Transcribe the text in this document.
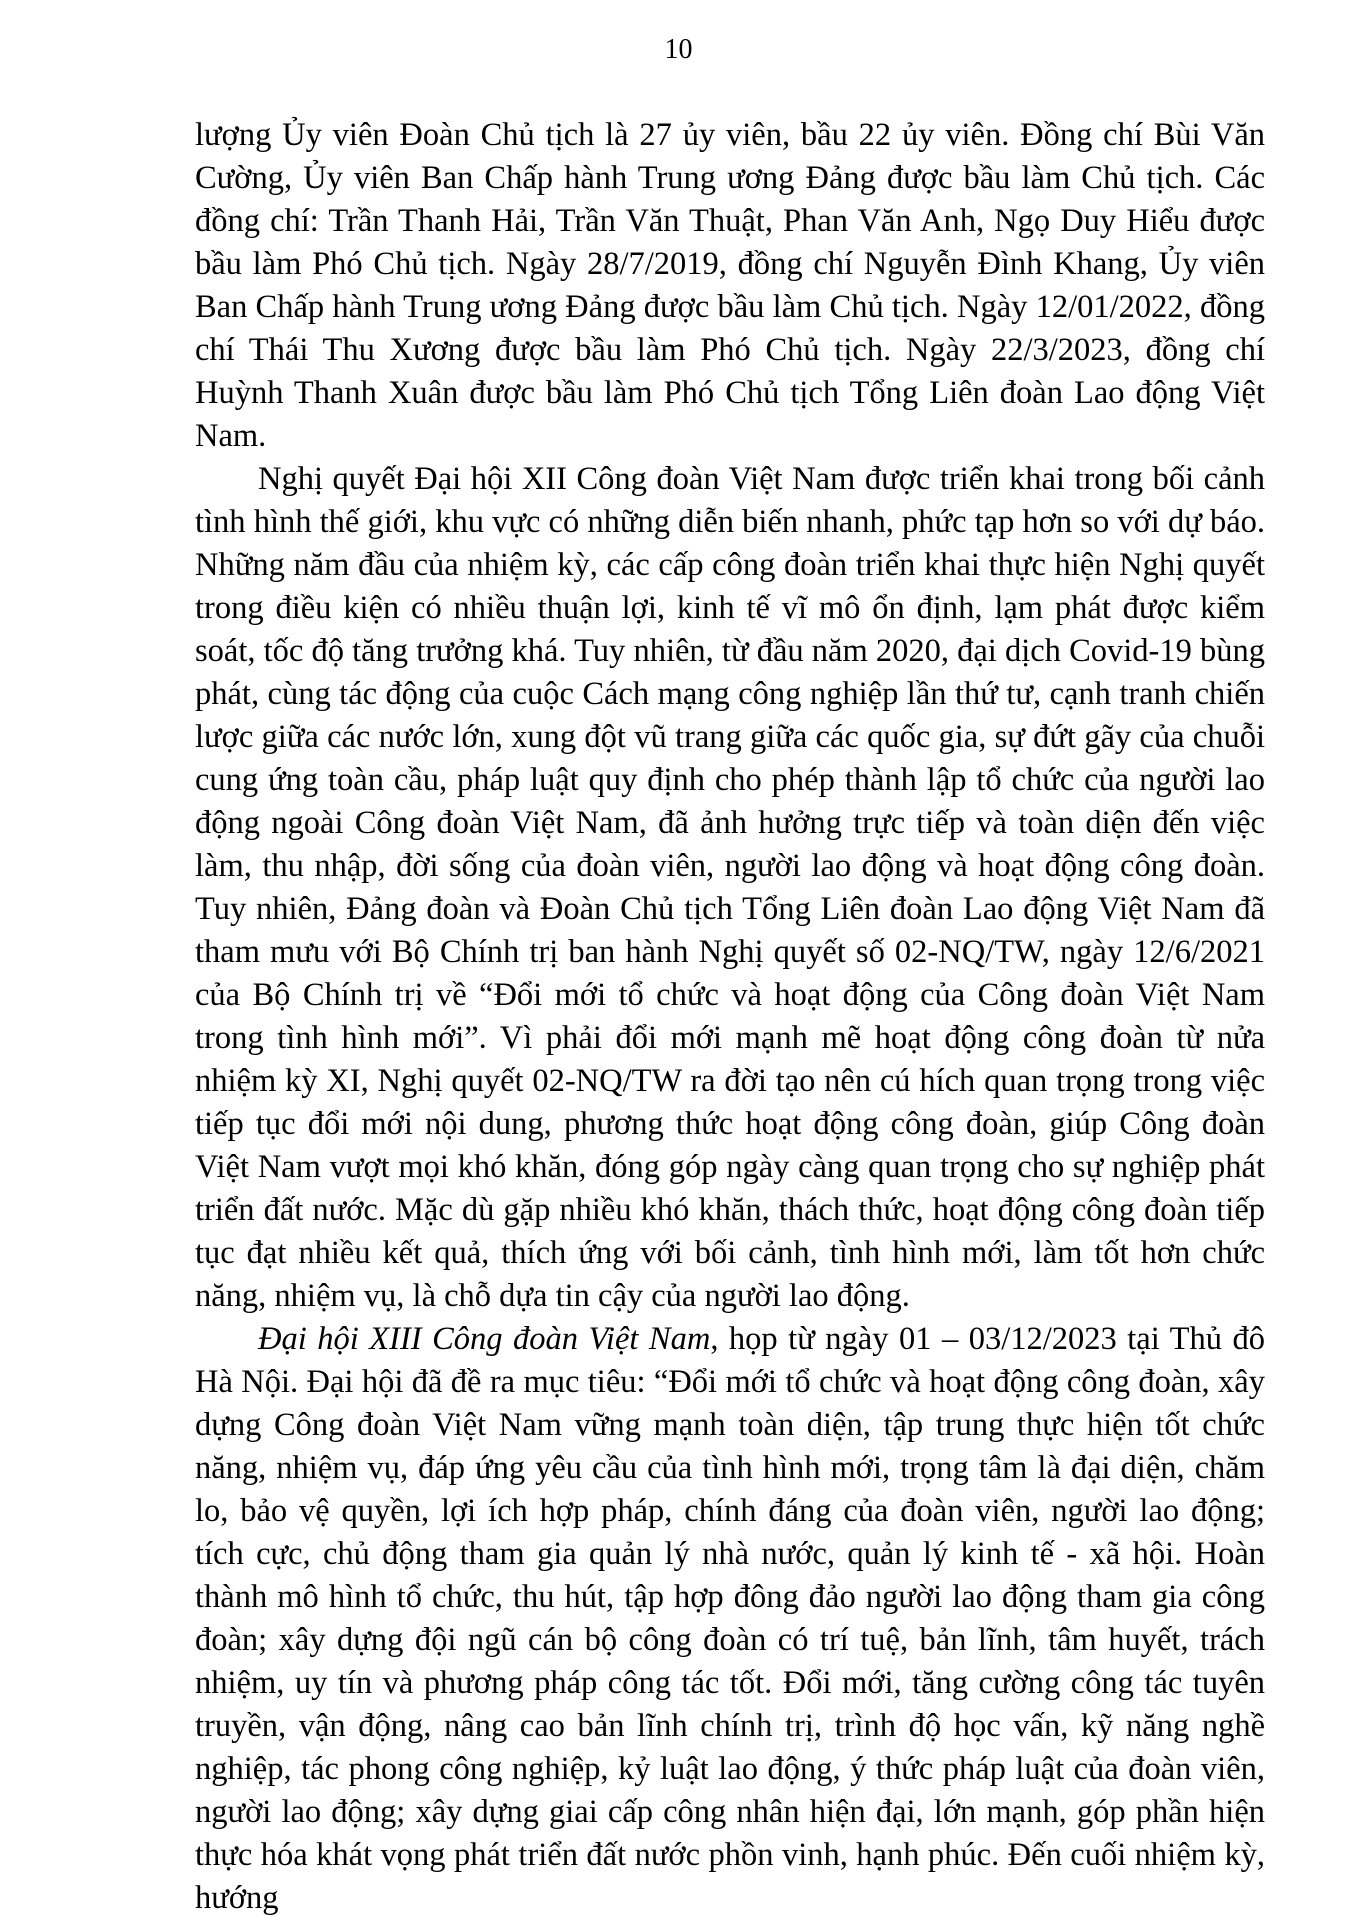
10

lượng Ủy viên Đoàn Chủ tịch là 27 ủy viên, bầu 22 ủy viên. Đồng chí Bùi Văn Cường, Ủy viên Ban Chấp hành Trung ương Đảng được bầu làm Chủ tịch. Các đồng chí: Trần Thanh Hải, Trần Văn Thuật, Phan Văn Anh, Ngọ Duy Hiểu được bầu làm Phó Chủ tịch. Ngày 28/7/2019, đồng chí Nguyễn Đình Khang, Ủy viên Ban Chấp hành Trung ương Đảng được bầu làm Chủ tịch. Ngày 12/01/2022, đồng chí Thái Thu Xương được bầu làm Phó Chủ tịch. Ngày 22/3/2023, đồng chí Huỳnh Thanh Xuân được bầu làm Phó Chủ tịch Tổng Liên đoàn Lao động Việt Nam.

Nghị quyết Đại hội XII Công đoàn Việt Nam được triển khai trong bối cảnh tình hình thế giới, khu vực có những diễn biến nhanh, phức tạp hơn so với dự báo. Những năm đầu của nhiệm kỳ, các cấp công đoàn triển khai thực hiện Nghị quyết trong điều kiện có nhiều thuận lợi, kinh tế vĩ mô ổn định, lạm phát được kiểm soát, tốc độ tăng trưởng khá. Tuy nhiên, từ đầu năm 2020, đại dịch Covid-19 bùng phát, cùng tác động của cuộc Cách mạng công nghiệp lần thứ tư, cạnh tranh chiến lược giữa các nước lớn, xung đột vũ trang giữa các quốc gia, sự đứt gãy của chuỗi cung ứng toàn cầu, pháp luật quy định cho phép thành lập tổ chức của người lao động ngoài Công đoàn Việt Nam, đã ảnh hưởng trực tiếp và toàn diện đến việc làm, thu nhập, đời sống của đoàn viên, người lao động và hoạt động công đoàn. Tuy nhiên, Đảng đoàn và Đoàn Chủ tịch Tổng Liên đoàn Lao động Việt Nam đã tham mưu với Bộ Chính trị ban hành Nghị quyết số 02-NQ/TW, ngày 12/6/2021 của Bộ Chính trị về “Đổi mới tổ chức và hoạt động của Công đoàn Việt Nam trong tình hình mới”. Vì phải đổi mới mạnh mẽ hoạt động công đoàn từ nửa nhiệm kỳ XI, Nghị quyết 02-NQ/TW ra đời tạo nên cú hích quan trọng trong việc tiếp tục đổi mới nội dung, phương thức hoạt động công đoàn, giúp Công đoàn Việt Nam vượt mọi khó khăn, đóng góp ngày càng quan trọng cho sự nghiệp phát triển đất nước. Mặc dù gặp nhiều khó khăn, thách thức, hoạt động công đoàn tiếp tục đạt nhiều kết quả, thích ứng với bối cảnh, tình hình mới, làm tốt hơn chức năng, nhiệm vụ, là chỗ dựa tin cậy của người lao động.

Đại hội XIII Công đoàn Việt Nam, họp từ ngày 01 – 03/12/2023 tại Thủ đô Hà Nội. Đại hội đã đề ra mục tiêu: “Đổi mới tổ chức và hoạt động công đoàn, xây dựng Công đoàn Việt Nam vững mạnh toàn diện, tập trung thực hiện tốt chức năng, nhiệm vụ, đáp ứng yêu cầu của tình hình mới, trọng tâm là đại diện, chăm lo, bảo vệ quyền, lợi ích hợp pháp, chính đáng của đoàn viên, người lao động; tích cực, chủ động tham gia quản lý nhà nước, quản lý kinh tế - xã hội. Hoàn thành mô hình tổ chức, thu hút, tập hợp đông đảo người lao động tham gia công đoàn; xây dựng đội ngũ cán bộ công đoàn có trí tuệ, bản lĩnh, tâm huyết, trách nhiệm, uy tín và phương pháp công tác tốt. Đổi mới, tăng cường công tác tuyên truyền, vận động, nâng cao bản lĩnh chính trị, trình độ học vấn, kỹ năng nghề nghiệp, tác phong công nghiệp, kỷ luật lao động, ý thức pháp luật của đoàn viên, người lao động; xây dựng giai cấp công nhân hiện đại, lớn mạnh, góp phần hiện thực hóa khát vọng phát triển đất nước phồn vinh, hạnh phúc. Đến cuối nhiệm kỳ, hướng
